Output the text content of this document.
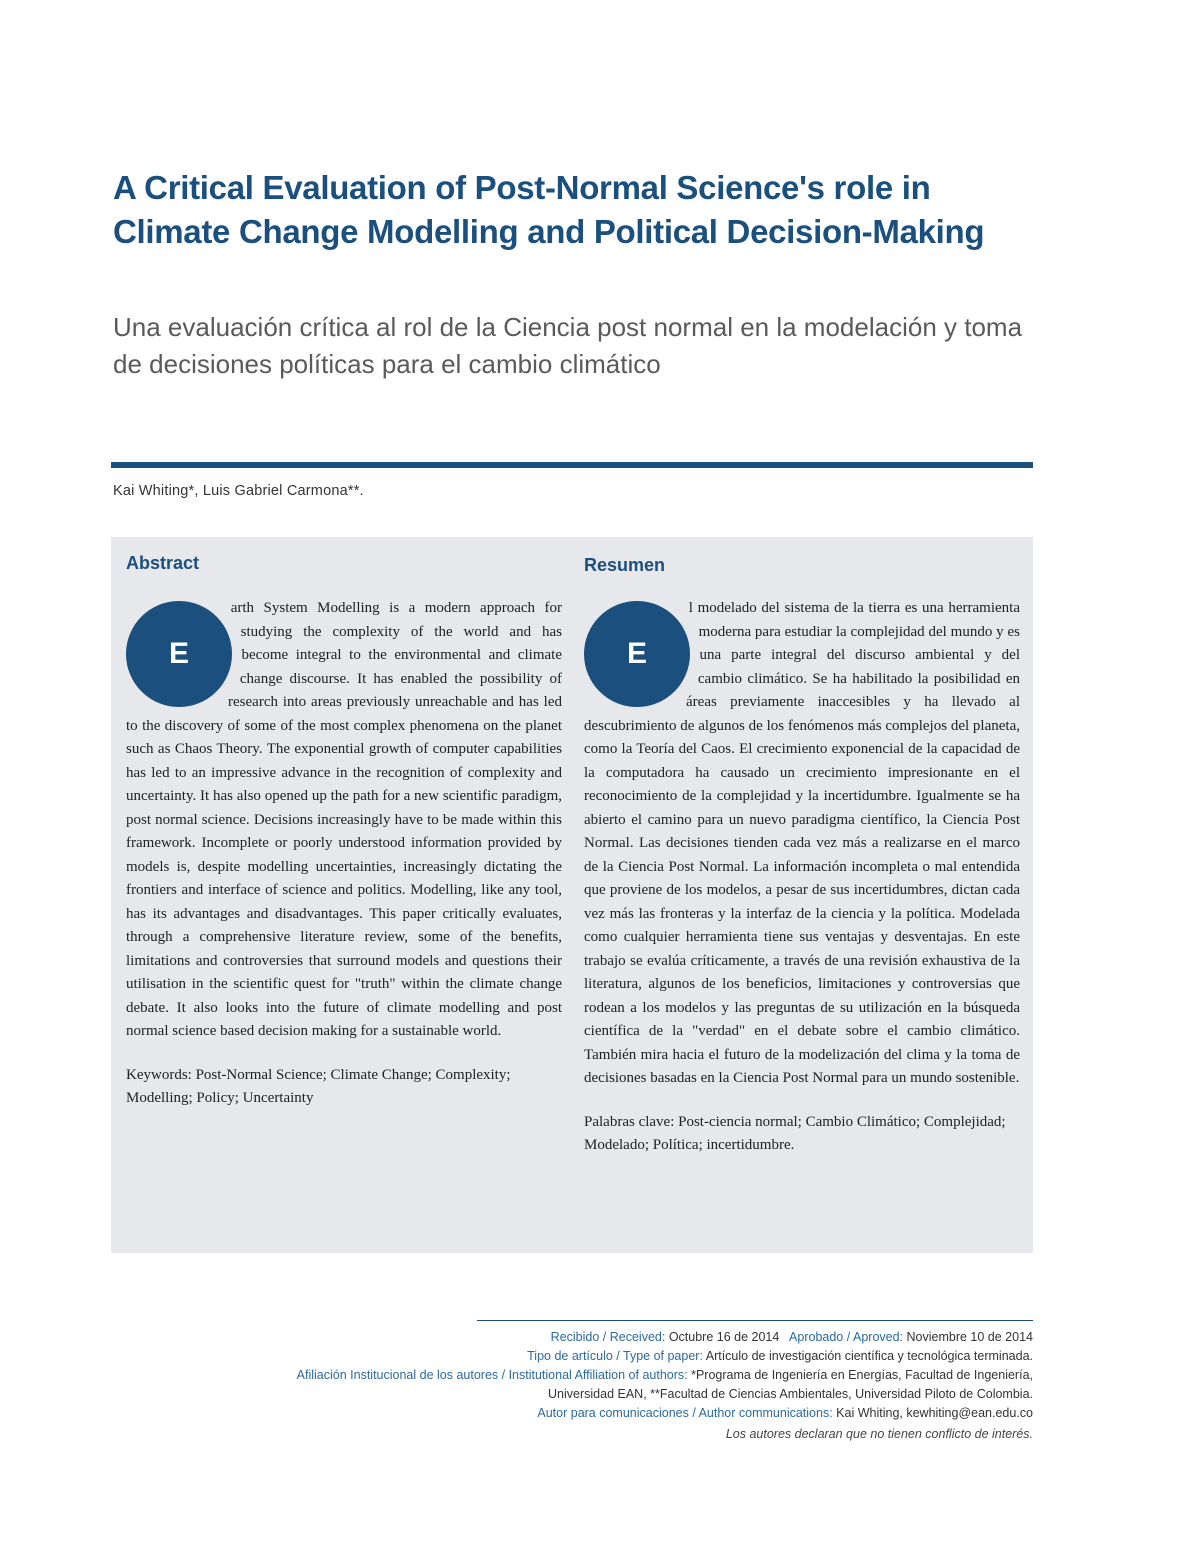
A Critical Evaluation of Post-Normal Science's role in Climate Change Modelling and Political Decision-Making
Una evaluación crítica al rol de la Ciencia post normal en la modelación y toma de decisiones políticas para el cambio climático

Kai Whiting*, Luis Gabriel Carmona**.

Abstract
E

arth System Modelling is a modern approach for studying the complexity of the world and has become integral to the environmental and climate change discourse. It has enabled the possibility of research into areas previously unreachable and has led to the discovery of some of the most complex phenomena on the planet such as Chaos Theory. The exponential growth of computer capabilities has led to an impressive advance in the recognition of complexity and uncertainty. It has also opened up the path for a new scientific paradigm, post normal science. Decisions increasingly have to be made within this framework. Incomplete or poorly understood information provided by models is, despite modelling uncertainties, increasingly dictating the frontiers and interface of science and politics. Modelling, like any tool, has its advantages and disadvantages. This paper critically evaluates, through a comprehensive literature review, some of the benefits, limitations and controversies that surround models and questions their utilisation in the scientific quest for "truth" within the climate change debate. It also looks into the future of climate modelling and post normal science based decision making for a sustainable world.

Keywords: Post-Normal Science; Climate Change; Complexity; Modelling; Policy; Uncertainty

Resumen
E

l modelado del sistema de la tierra es una herramienta moderna para estudiar la complejidad del mundo y es una parte integral del discurso ambiental y del cambio climático. Se ha habilitado la posibilidad en áreas previamente inaccesibles y ha llevado al descubrimiento de algunos de los fenómenos más complejos del planeta, como la Teoría del Caos. El crecimiento exponencial de la capacidad de la computadora ha causado un crecimiento impresionante en el reconocimiento de la complejidad y la incertidumbre. Igualmente se ha abierto el camino para un nuevo paradigma científico, la Ciencia Post Normal. Las decisiones tienden cada vez más a realizarse en el marco de la Ciencia Post Normal. La información incompleta o mal entendida que proviene de los modelos, a pesar de sus incertidumbres, dictan cada vez más las fronteras y la interfaz de la ciencia y la política. Modelada como cualquier herramienta tiene sus ventajas y desventajas. En este trabajo se evalúa críticamente, a través de una revisión exhaustiva de la literatura, algunos de los beneficios, limitaciones y controversias que rodean a los modelos y las preguntas de su utilización en la búsqueda científica de la "verdad" en el debate sobre el cambio climático. También mira hacia el futuro de la modelización del clima y la toma de decisiones basadas en la Ciencia Post Normal para un mundo sostenible.

Palabras clave: Post-ciencia normal; Cambio Climático; Complejidad; Modelado; Política; incertidumbre.

Recibido / Received: Octubre 16 de 2014 Aprobado / Aproved: Noviembre 10 de 2014

Tipo de artículo / Type of paper: Artículo de investigación científica y tecnológica terminada.

Afiliación Institucional de los autores / Institutional Affiliation of authors: *Programa de Ingeniería en Energías, Facultad de Ingeniería,

Universidad EAN, **Facultad de Ciencias Ambientales, Universidad Piloto de Colombia.

Autor para comunicaciones / Author communications: Kai Whiting, kewhiting@ean.edu.co

Los autores declaran que no tienen conflicto de interés.
